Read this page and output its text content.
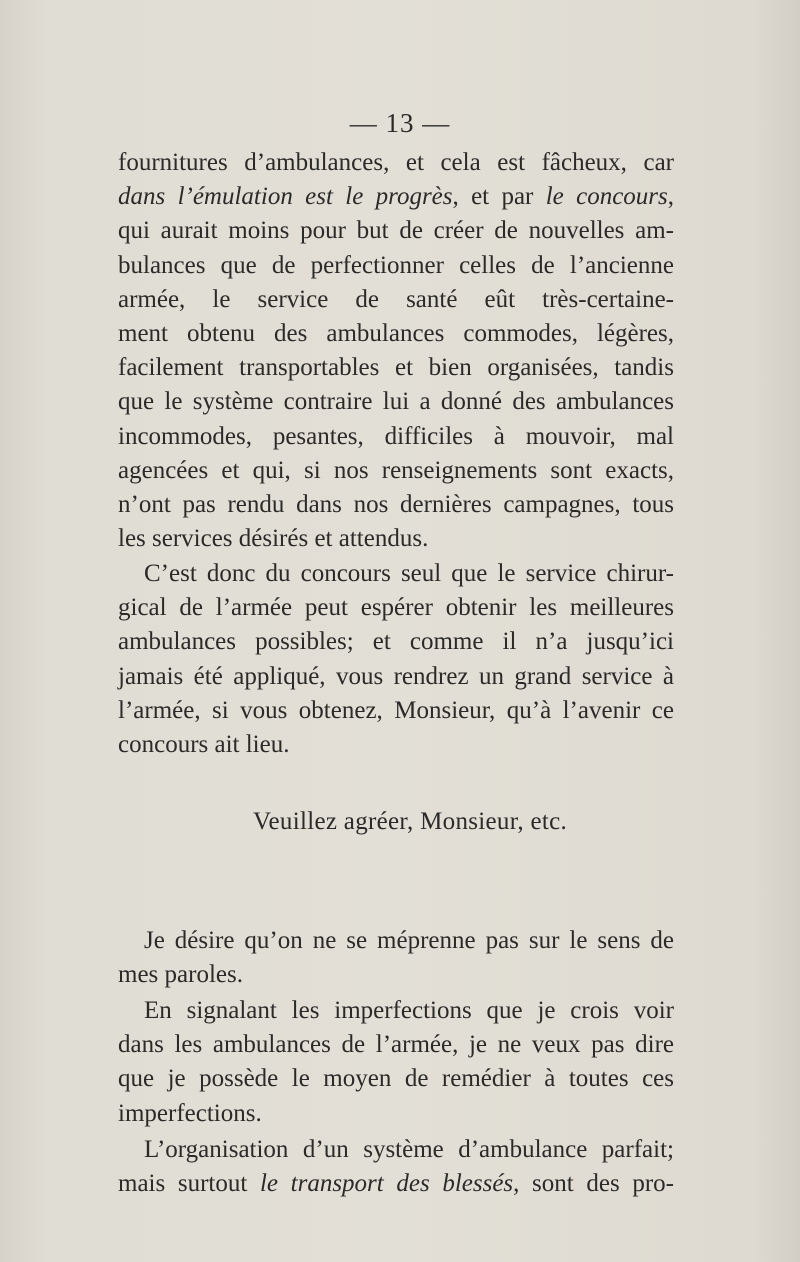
— 13 —
fournitures d’ambulances, et cela est fâcheux, car
dans l’émulation est le progrès, et par le concours,
qui aurait moins pour but de créer de nouvelles am-
bulances que de perfectionner celles de l’ancienne
armée, le service de santé eût très-certaine-
ment obtenu des ambulances commodes, légères,
facilement transportables et bien organisées, tandis
que le système contraire lui a donné des ambulances
incommodes, pesantes, difficiles à mouvoir, mal
agencées et qui, si nos renseignements sont exacts,
n’ont pas rendu dans nos dernières campagnes, tous
les services désirés et attendus.
C’est donc du concours seul que le service chirur-
gical de l’armée peut espérer obtenir les meilleures
ambulances possibles; et comme il n’a jusqu’ici
jamais été appliqué, vous rendrez un grand service à
l’armée, si vous obtenez, Monsieur, qu’à l’avenir ce
concours ait lieu.
Veuillez agréer, Monsieur, etc.
Je désire qu’on ne se méprenne pas sur le sens de
mes paroles.
En signalant les imperfections que je crois voir
dans les ambulances de l’armée, je ne veux pas dire
que je possède le moyen de remédier à toutes ces
imperfections.
L’organisation d’un système d’ambulance parfait;
mais surtout le transport des blessés, sont des pro-
